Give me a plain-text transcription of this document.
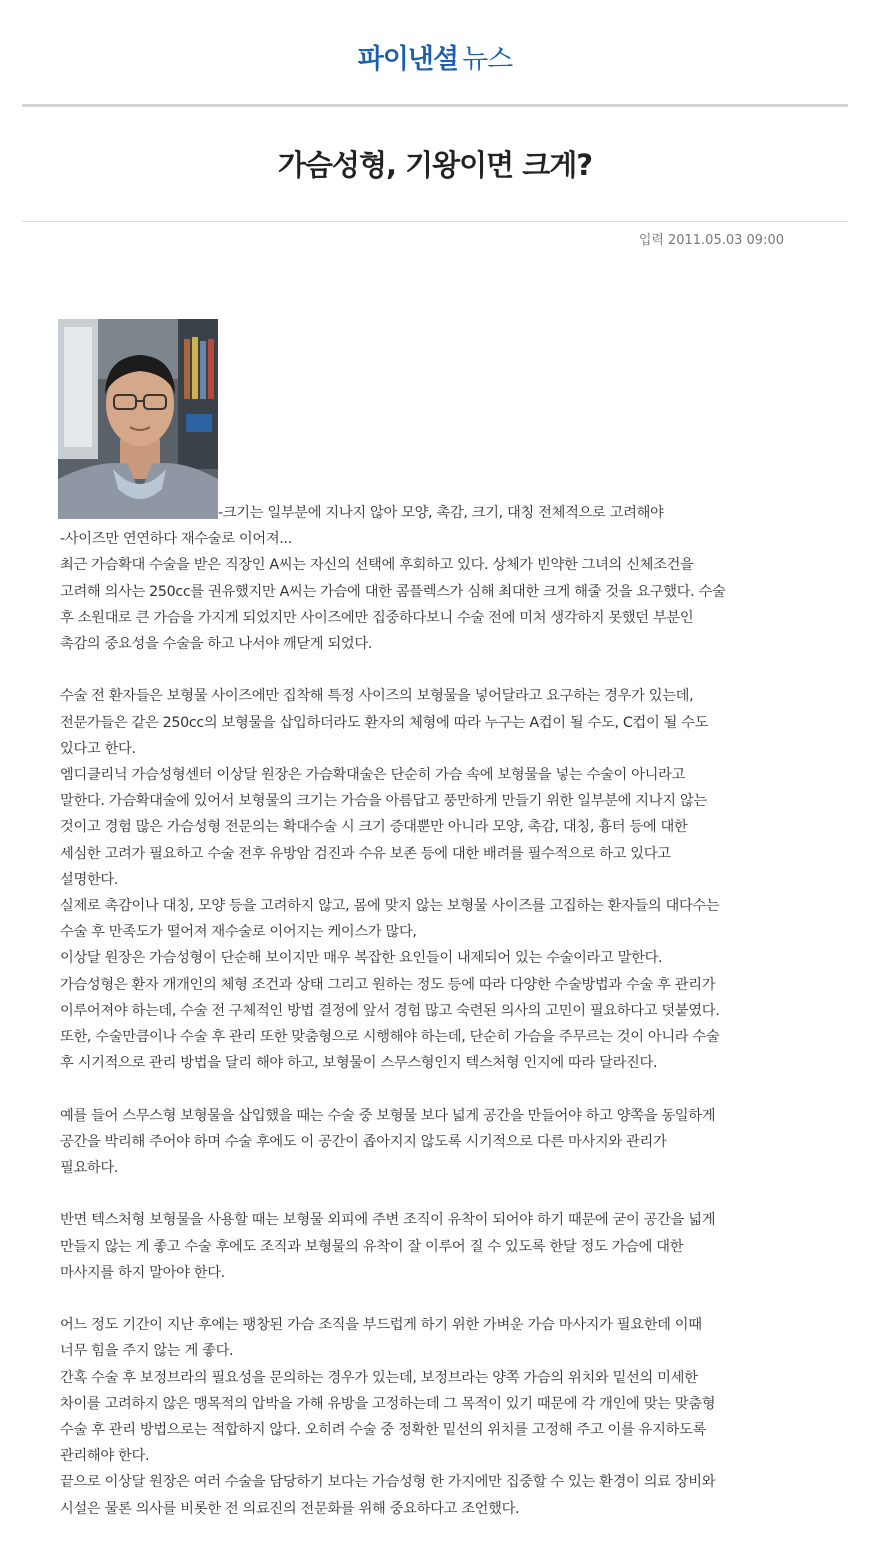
파이낸셜 뉴스
가슴성형, 기왕이면 크게?
입력 2011.05.03 09:00

-크기는 일부분에 지나지 않아 모양, 촉감, 크기, 대칭 전체적으로 고려해야

-사이즈만 연연하다 재수술로 이어져...

최근 가슴확대 수술을 받은 직장인 A씨는 자신의 선택에 후회하고 있다. 상체가 빈약한 그녀의 신체조건을

고려해 의사는 250cc를 권유했지만 A씨는 가슴에 대한 콤플렉스가 심해 최대한 크게 해줄 것을 요구했다. 수술

후 소원대로 큰 가슴을 가지게 되었지만 사이즈에만 집중하다보니 수술 전에 미처 생각하지 못했던 부분인

촉감의 중요성을 수술을 하고 나서야 깨닫게 되었다.

수술 전 환자들은 보형물 사이즈에만 집착해 특정 사이즈의 보형물을 넣어달라고 요구하는 경우가 있는데,

전문가들은 같은 250cc의 보형물을 삽입하더라도 환자의 체형에 따라 누구는 A컵이 될 수도, C컵이 될 수도

있다고 한다.

엠디클리닉 가슴성형센터 이상달 원장은 가슴확대술은 단순히 가슴 속에 보형물을 넣는 수술이 아니라고

말한다. 가슴확대술에 있어서 보형물의 크기는 가슴을 아름답고 풍만하게 만들기 위한 일부분에 지나지 않는

것이고 경험 많은 가슴성형 전문의는 확대수술 시 크기 증대뿐만 아니라 모양, 촉감, 대칭, 흉터 등에 대한

세심한 고려가 필요하고 수술 전후 유방암 검진과 수유 보존 등에 대한 배려를 필수적으로 하고 있다고

설명한다.

실제로 촉감이나 대칭, 모양 등을 고려하지 않고, 몸에 맞지 않는 보형물 사이즈를 고집하는 환자들의 대다수는

수술 후 만족도가 떨어져 재수술로 이어지는 케이스가 많다,

이상달 원장은 가슴성형이 단순해 보이지만 매우 복잡한 요인들이 내제되어 있는 수술이라고 말한다.

가슴성형은 환자 개개인의 체형 조건과 상태 그리고 원하는 정도 등에 따라 다양한 수술방법과 수술 후 관리가

이루어져야 하는데, 수술 전 구체적인 방법 결정에 앞서 경험 많고 숙련된 의사의 고민이 필요하다고 덧붙였다.

또한, 수술만큼이나 수술 후 관리 또한 맞춤형으로 시행해야 하는데, 단순히 가슴을 주무르는 것이 아니라 수술

후 시기적으로 관리 방법을 달리 해야 하고, 보형물이 스무스형인지 텍스처형 인지에 따라 달라진다.

예를 들어 스무스형 보형물을 삽입했을 때는 수술 중 보형물 보다 넓게 공간을 만들어야 하고 양쪽을 동일하게

공간을 박리해 주어야 하며 수술 후에도 이 공간이 좁아지지 않도록 시기적으로 다른 마사지와 관리가

필요하다.

반면 텍스처형 보형물을 사용할 때는 보형물 외피에 주변 조직이 유착이 되어야 하기 때문에 굳이 공간을 넓게

만들지 않는 게 좋고 수술 후에도 조직과 보형물의 유착이 잘 이루어 질 수 있도록 한달 정도 가슴에 대한

마사지를 하지 말아야 한다.

어느 정도 기간이 지난 후에는 팽창된 가슴 조직을 부드럽게 하기 위한 가벼운 가슴 마사지가 필요한데 이때

너무 힘을 주지 않는 게 좋다.

간혹 수술 후 보정브라의 필요성을 문의하는 경우가 있는데, 보정브라는 양쪽 가슴의 위치와 밑선의 미세한

차이를 고려하지 않은 맹목적의 압박을 가해 유방을 고정하는데 그 목적이 있기 때문에 각 개인에 맞는 맞춤형

수술 후 관리 방법으로는 적합하지 않다. 오히려 수술 중 정확한 밑선의 위치를 고정해 주고 이를 유지하도록

관리해야 한다.

끝으로 이상달 원장은 여러 수술을 담당하기 보다는 가슴성형 한 가지에만 집중할 수 있는 환경이 의료 장비와

시설은 물론 의사를 비롯한 전 의료진의 전문화를 위해 중요하다고 조언했다.
